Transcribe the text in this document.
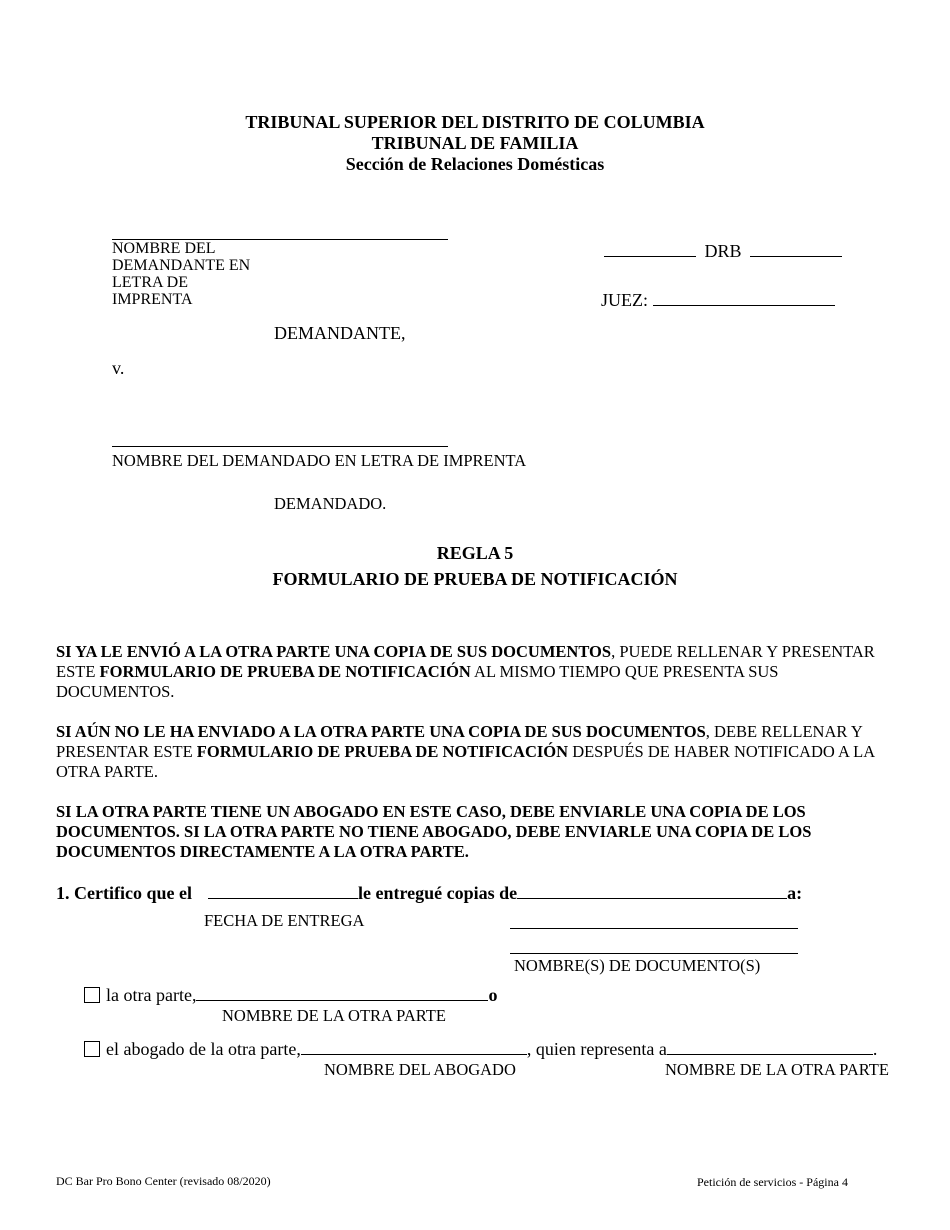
TRIBUNAL SUPERIOR DEL DISTRITO DE COLUMBIA
TRIBUNAL DE FAMILIA
Sección de Relaciones Domésticas
NOMBRE DEL
DEMANDANTE EN
LETRA DE
IMPRENTA
DEMANDANTE,
v.
DRB
JUEZ:
NOMBRE DEL DEMANDADO EN LETRA DE IMPRENTA
DEMANDADO.
REGLA 5
FORMULARIO DE PRUEBA DE NOTIFICACIÓN
SI YA LE ENVIÓ A LA OTRA PARTE UNA COPIA DE SUS DOCUMENTOS, PUEDE RELLENAR Y PRESENTAR ESTE FORMULARIO DE PRUEBA DE NOTIFICACIÓN AL MISMO TIEMPO QUE PRESENTA SUS DOCUMENTOS.
SI AÚN NO LE HA ENVIADO A LA OTRA PARTE UNA COPIA DE SUS DOCUMENTOS, DEBE RELLENAR Y PRESENTAR ESTE FORMULARIO DE PRUEBA DE NOTIFICACIÓN DESPUÉS DE HABER NOTIFICADO A LA OTRA PARTE.
SI LA OTRA PARTE TIENE UN ABOGADO EN ESTE CASO, DEBE ENVIARLE UNA COPIA DE LOS DOCUMENTOS. SI LA OTRA PARTE NO TIENE ABOGADO, DEBE ENVIARLE UNA COPIA DE LOS DOCUMENTOS DIRECTAMENTE A LA OTRA PARTE.
1. Certifico que el	le entregué copias de	a:
FECHA DE ENTREGA
NOMBRE(S) DE DOCUMENTO(S)
la otra parte,	o
NOMBRE DE LA OTRA PARTE
el abogado de la otra parte,	, quien representa a	.
NOMBRE DEL ABOGADO	NOMBRE DE LA OTRA PARTE
DC Bar Pro Bono Center (revisado 08/2020)	Petición de servicios - Página 4
